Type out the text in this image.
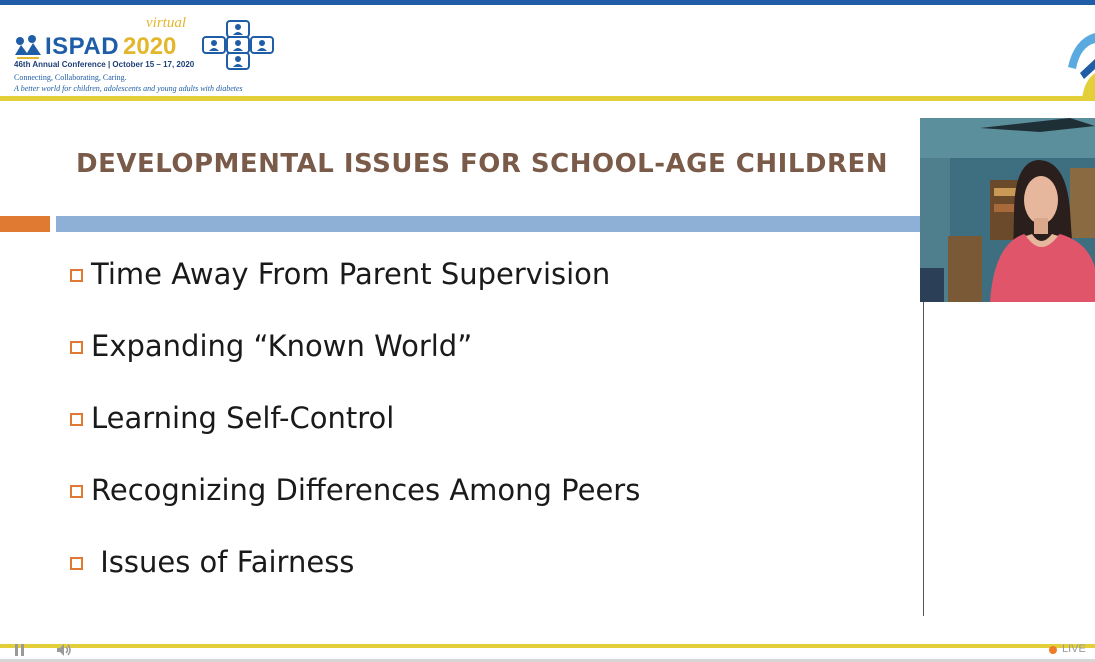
ISPAD 2020
virtual
46th Annual Conference | October 15 – 17, 2020
Connecting, Collaborating, Caring.
A better world for children, adolescents and young adults with diabetes
DEVELOPMENTAL ISSUES FOR SCHOOL-AGE CHILDREN
Time Away From Parent Supervision
Expanding “Known World”
Learning Self-Control
Recognizing Differences Among Peers
Issues of Fairness
LIVE
